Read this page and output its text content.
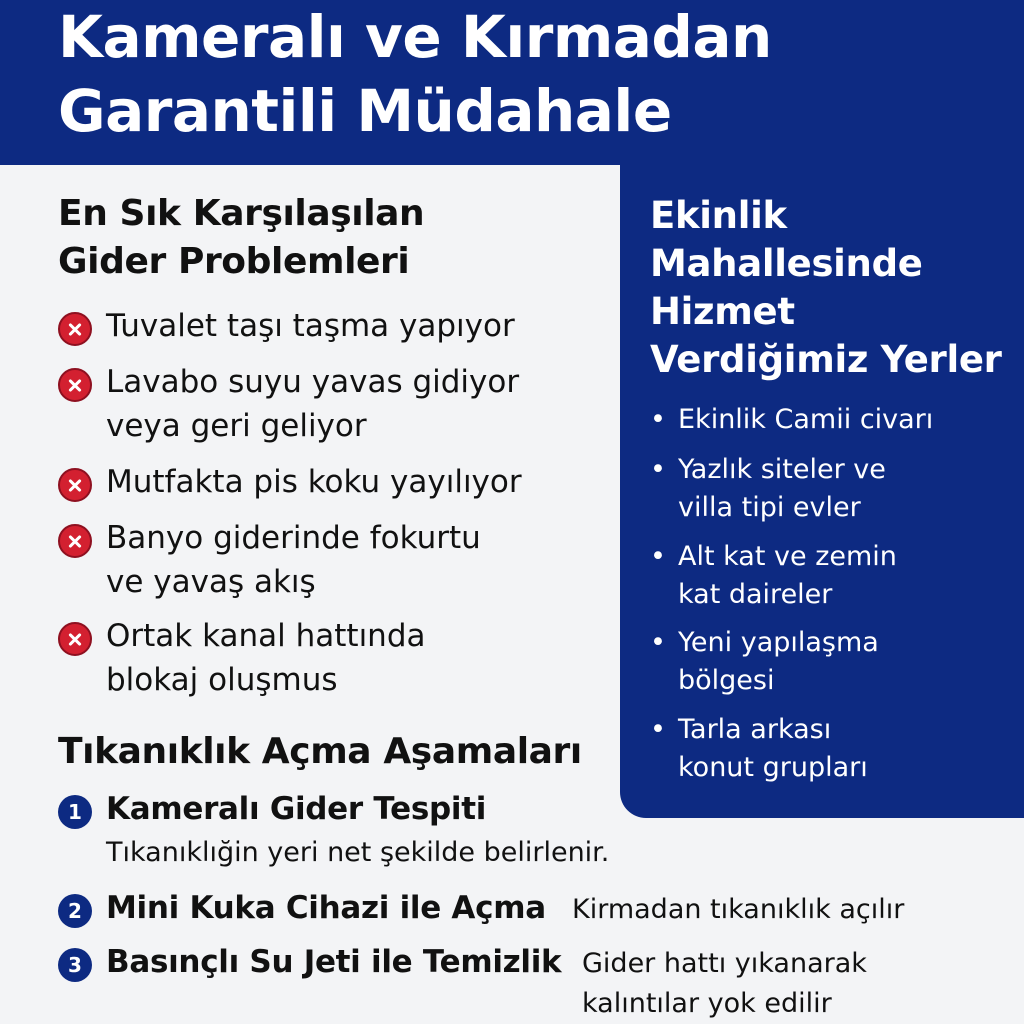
Kameralı ve Kırmadan
Garantili Müdahale
En Sık Karşılaşılan
Gider Problemleri
Tuvalet taşı taşma yapıyor
Lavabo suyu yavas gidiyor
veya geri geliyor
Mutfakta pis koku yayılıyor
Banyo giderinde fokurtu
ve yavaş akış
Ortak kanal hattında
blokaj oluşmus
Ekinlik
Mahallesinde
Hizmet
Verdiğimiz Yerler
• Ekinlik Camii civarı
• Yazlık siteler ve
villa tipi evler
• Alt kat ve zemin
kat daireler
• Yeni yapılaşma
bölgesi
• Tarla arkası
konut grupları
Tıkanıklık Açma Aşamaları
1 Kameralı Gider Tespiti
Tıkanıklığin yeri net şekilde belirlenir.
2 Mini Kuka Cihazi ile Açma Kirmadan tıkanıklık açılır
3 Basınçlı Su Jeti ile Temizlik Gider hattı yıkanarak
kalıntılar yok edilir
